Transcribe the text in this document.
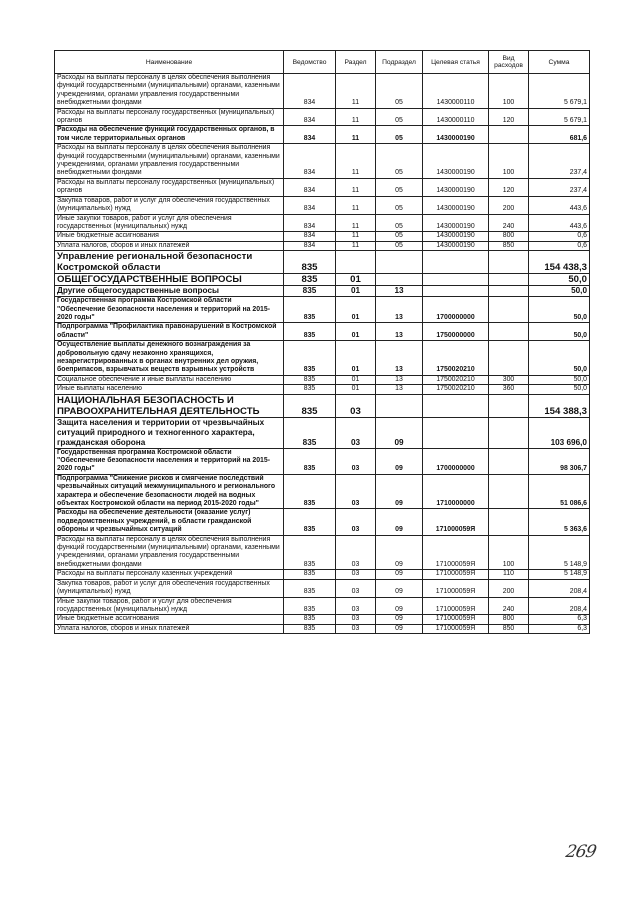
Наименование	Ведомство	Раздел	Подраздел	Целевая статья	Вид расходов	Сумма
Расходы на выплаты персоналу в целях обеспечения выполнения функций государственными (муниципальными) органами, казенными учреждениями, органами управления государственными внебюджетными фондами	834	11	05	1430000110	100	5 679,1
Расходы на выплаты персоналу государственных (муниципальных) органов	834	11	05	1430000110	120	5 679,1
Расходы на обеспечение функций государственных органов, в том числе территориальных органов	834	11	05	1430000190		681,6
Расходы на выплаты персоналу в целях обеспечения выполнения функций государственными (муниципальными) органами, казенными учреждениями, органами управления государственными внебюджетными фондами	834	11	05	1430000190	100	237,4
Расходы на выплаты персоналу государственных (муниципальных) органов	834	11	05	1430000190	120	237,4
Закупка товаров, работ и услуг для обеспечения государственных (муниципальных) нужд	834	11	05	1430000190	200	443,6
Иные закупки товаров, работ и услуг для обеспечения государственных (муниципальных) нужд	834	11	05	1430000190	240	443,6
Иные бюджетные ассигнования	834	11	05	1430000190	800	0,6
Уплата налогов, сборов и иных платежей	834	11	05	1430000190	850	0,6
Управление региональной безопасности Костромской области	835					154 438,3
ОБЩЕГОСУДАРСТВЕННЫЕ ВОПРОСЫ	835	01				50,0
Другие общегосударственные вопросы	835	01	13			50,0
Государственная программа Костромской области "Обеспечение безопасности населения и территорий на 2015-2020 годы"	835	01	13	1700000000		50,0
Подпрограмма "Профилактика правонарушений в Костромской области"	835	01	13	1750000000		50,0
Осуществление выплаты денежного вознаграждения за добровольную сдачу незаконно хранящихся, незарегистрированных в органах внутренних дел оружия, боеприпасов, взрывчатых веществ взрывных устройств	835	01	13	1750020210		50,0
Социальное обеспечение и иные выплаты населению	835	01	13	1750020210	300	50,0
Иные выплаты населению	835	01	13	1750020210	360	50,0
НАЦИОНАЛЬНАЯ БЕЗОПАСНОСТЬ И ПРАВООХРАНИТЕЛЬНАЯ ДЕЯТЕЛЬНОСТЬ	835	03				154 388,3
Защита населения и территории от чрезвычайных ситуаций природного и техногенного характера, гражданская оборона	835	03	09			103 696,0
Государственная программа Костромской области "Обеспечение безопасности населения и территорий на 2015-2020 годы"	835	03	09	1700000000		98 306,7
Подпрограмма "Снижение рисков и смягчение последствий чрезвычайных ситуаций межмуниципального и регионального характера и обеспечение безопасности людей на водных объектах Костромской области на период 2015-2020 годы"	835	03	09	1710000000		51 086,6
Расходы на обеспечение деятельности (оказание услуг) подведомственных учреждений, в области гражданской обороны и чрезвычайных ситуаций	835	03	09	171000059Я		5 363,6
Расходы на выплаты персоналу в целях обеспечения выполнения функций государственными (муниципальными) органами, казенными учреждениями, органами управления государственными внебюджетными фондами	835	03	09	171000059Я	100	5 148,9
Расходы на выплаты персоналу казенных учреждений	835	03	09	171000059Я	110	5 148,9
Закупка товаров, работ и услуг для обеспечения государственных (муниципальных) нужд	835	03	09	171000059Я	200	208,4
Иные закупки товаров, работ и услуг для обеспечения государственных (муниципальных) нужд	835	03	09	171000059Я	240	208,4
Иные бюджетные ассигнования	835	03	09	171000059Я	800	6,3
Уплата налогов, сборов и иных платежей	835	03	09	171000059Я	850	6,3
269
